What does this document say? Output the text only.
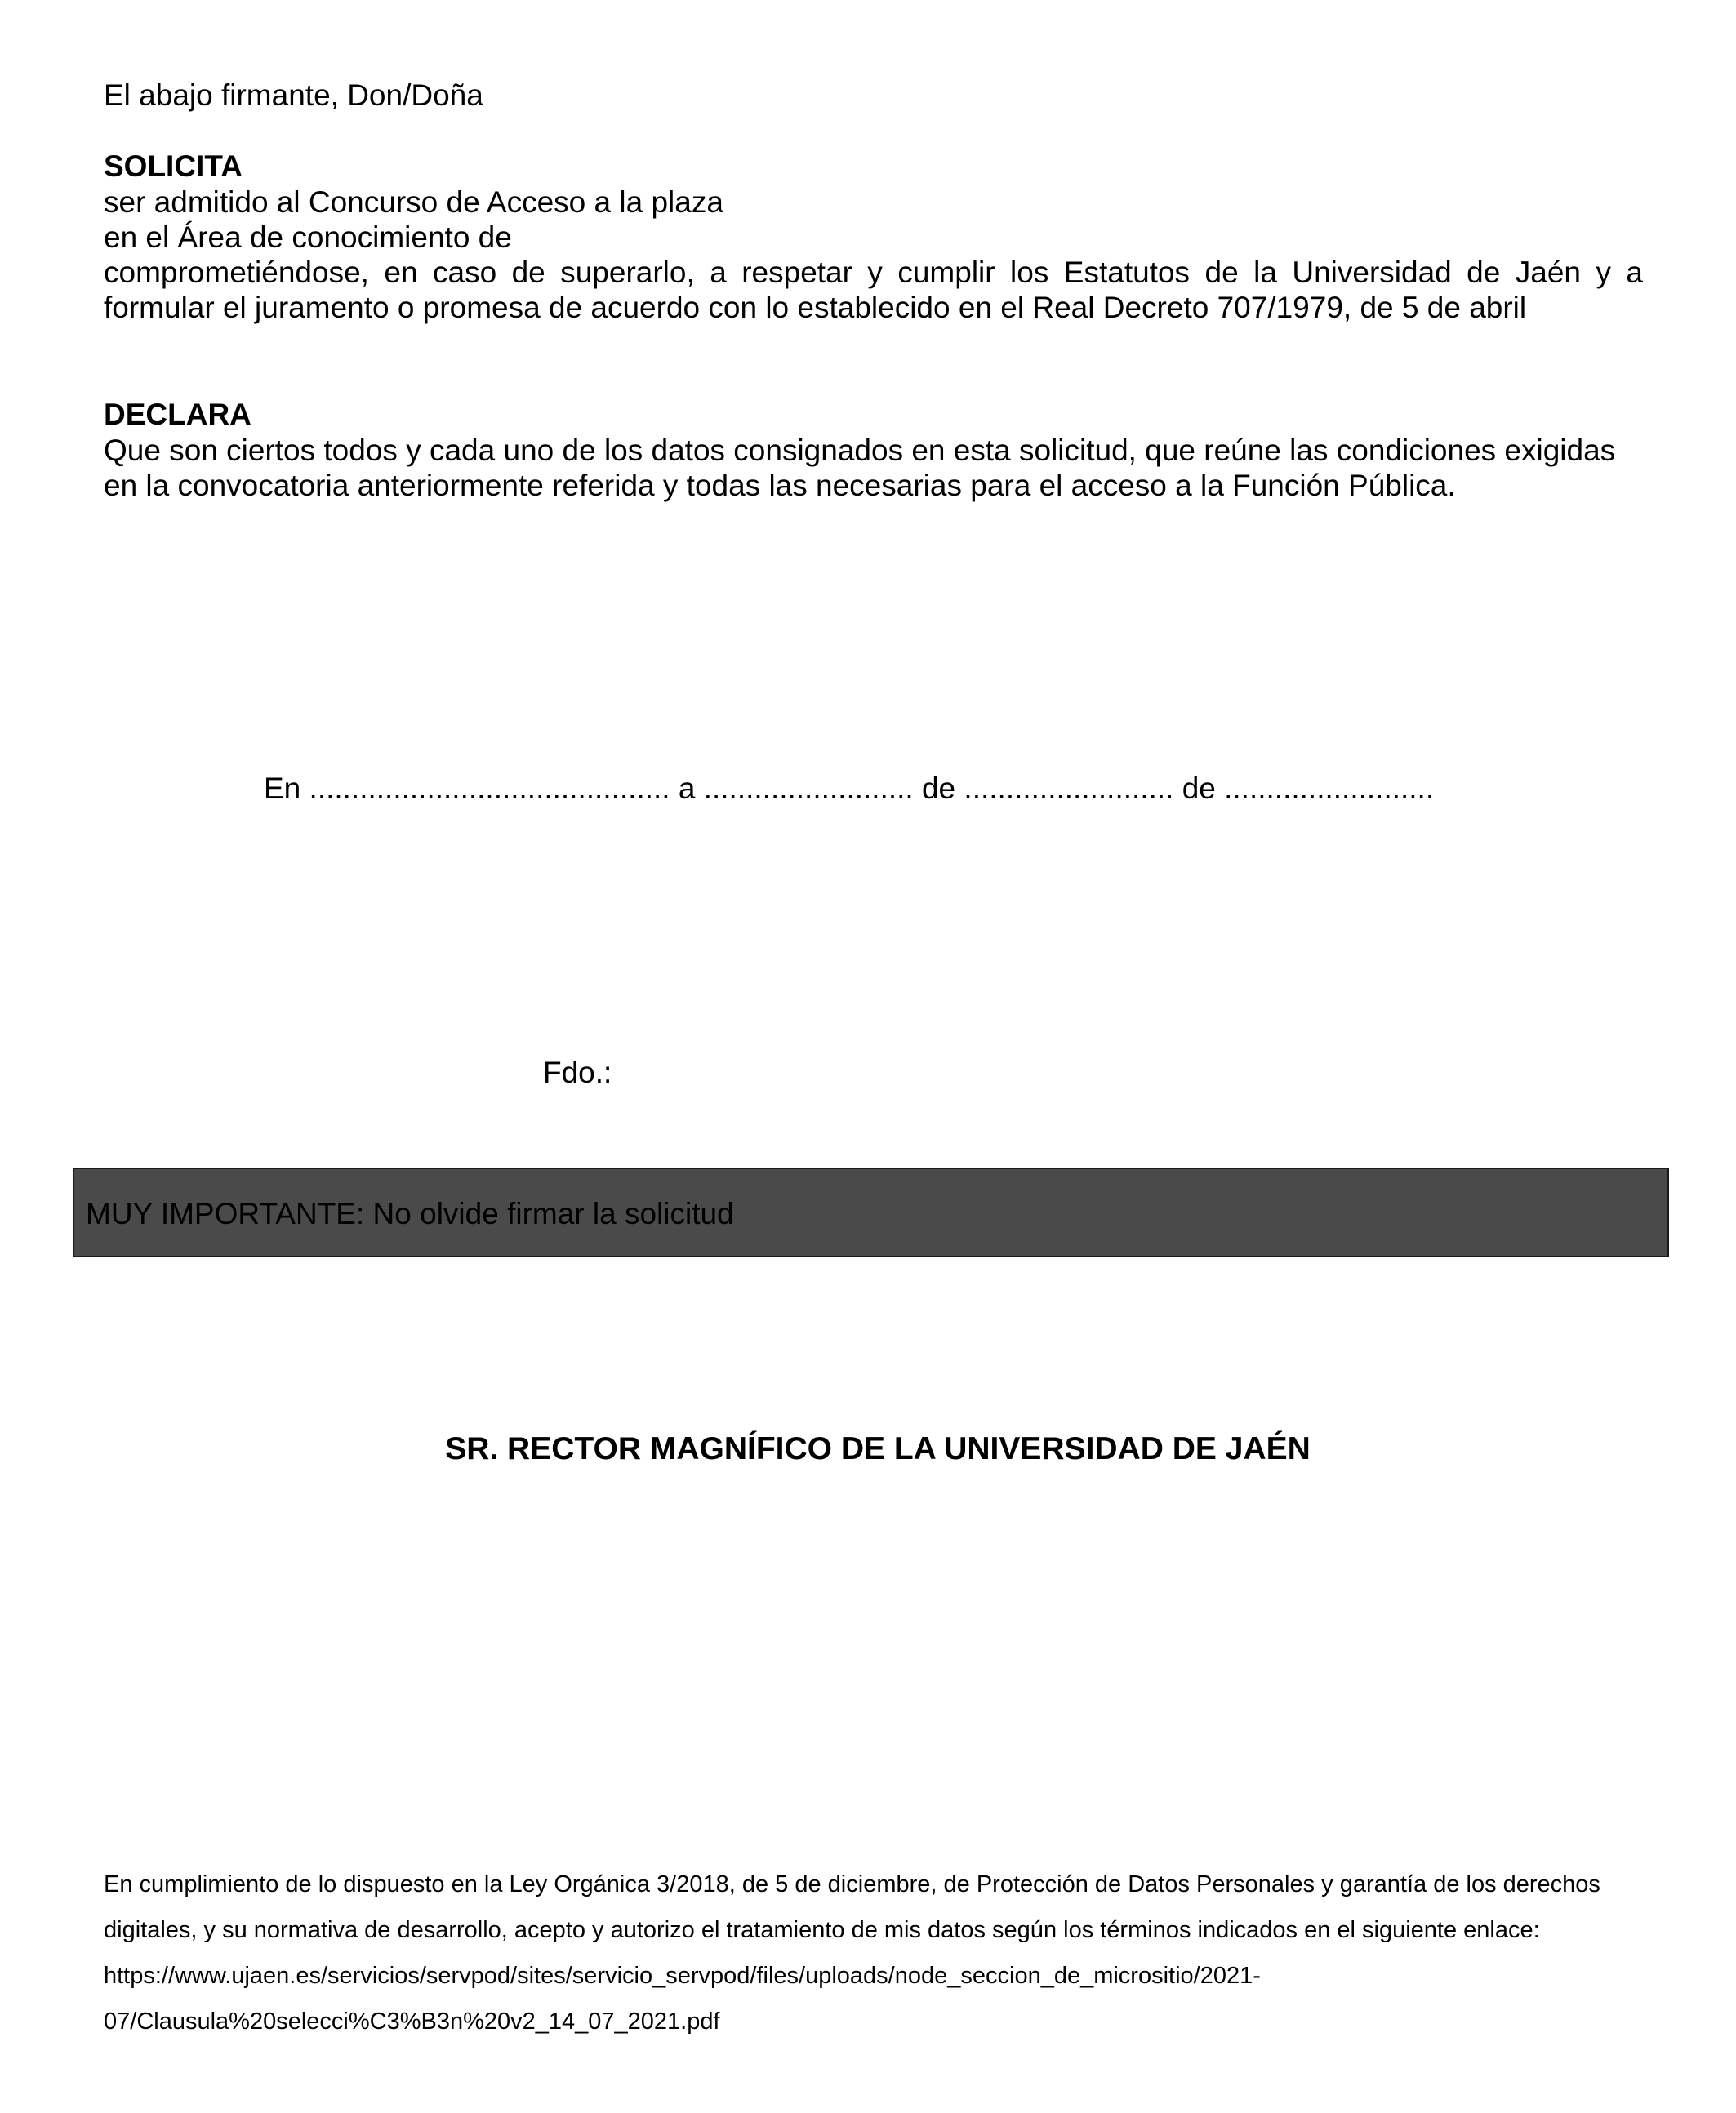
El abajo firmante, Don/Doña
SOLICITA
ser admitido al Concurso de Acceso a la plaza
en el Área de conocimiento de
comprometiéndose, en caso de superarlo, a respetar y cumplir los Estatutos de la Universidad de Jaén y a
formular el juramento o promesa de acuerdo con lo establecido en el Real Decreto 707/1979, de 5 de abril
DECLARA
Que son ciertos todos y cada uno de los datos consignados en esta solicitud, que reúne las condiciones exigidas
en la convocatoria anteriormente referida y todas las necesarias para el acceso a la Función Pública.
En ........................................... a ......................... de ......................... de .........................
Fdo.:
MUY IMPORTANTE: No olvide firmar la solicitud
SR. RECTOR MAGNÍFICO DE LA UNIVERSIDAD DE JAÉN
En cumplimiento de lo dispuesto en la Ley Orgánica 3/2018, de 5 de diciembre, de Protección de Datos Personales y garantía de los derechos
digitales, y su normativa de desarrollo, acepto y autorizo el tratamiento de mis datos según los términos indicados en el siguiente enlace:
https://www.ujaen.es/servicios/servpod/sites/servicio_servpod/files/uploads/node_seccion_de_micrositio/2021-
07/Clausula%20selecci%C3%B3n%20v2_14_07_2021.pdf
